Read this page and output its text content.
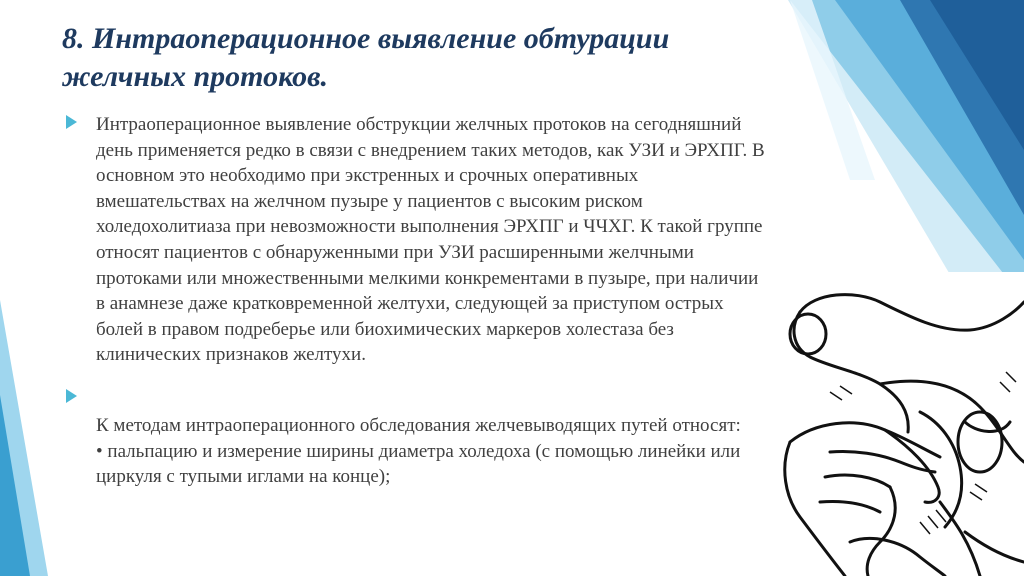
8. Интраоперационное выявление обтурации желчных протоков.

Интраоперационное выявление обструкции желчных протоков на сегодняшний день применяется редко в связи с внедрением таких методов, как УЗИ и ЭРХПГ. В основном это необходимо при экстренных и срочных оперативных вмешательствах на желчном пузыре у пациентов с высоким риском холедохолитиаза при невозможности выполнения ЭРХПГ и ЧЧХГ. К такой группе относят пациентов с обнаруженными при УЗИ расширенными желчными протоками или множественными мелкими конкрементами в пузыре, при наличии в анамнезе даже кратковременной желтухи, следующей за приступом острых болей в правом подреберье или биохимических маркеров холестаза без клинических признаков желтухи.

К методам интраоперационного обследования желчевыводящих путей относят:

• пальпацию и измерение ширины диаметра холедоха (с помощью линейки или циркуля с тупыми иглами на конце);
